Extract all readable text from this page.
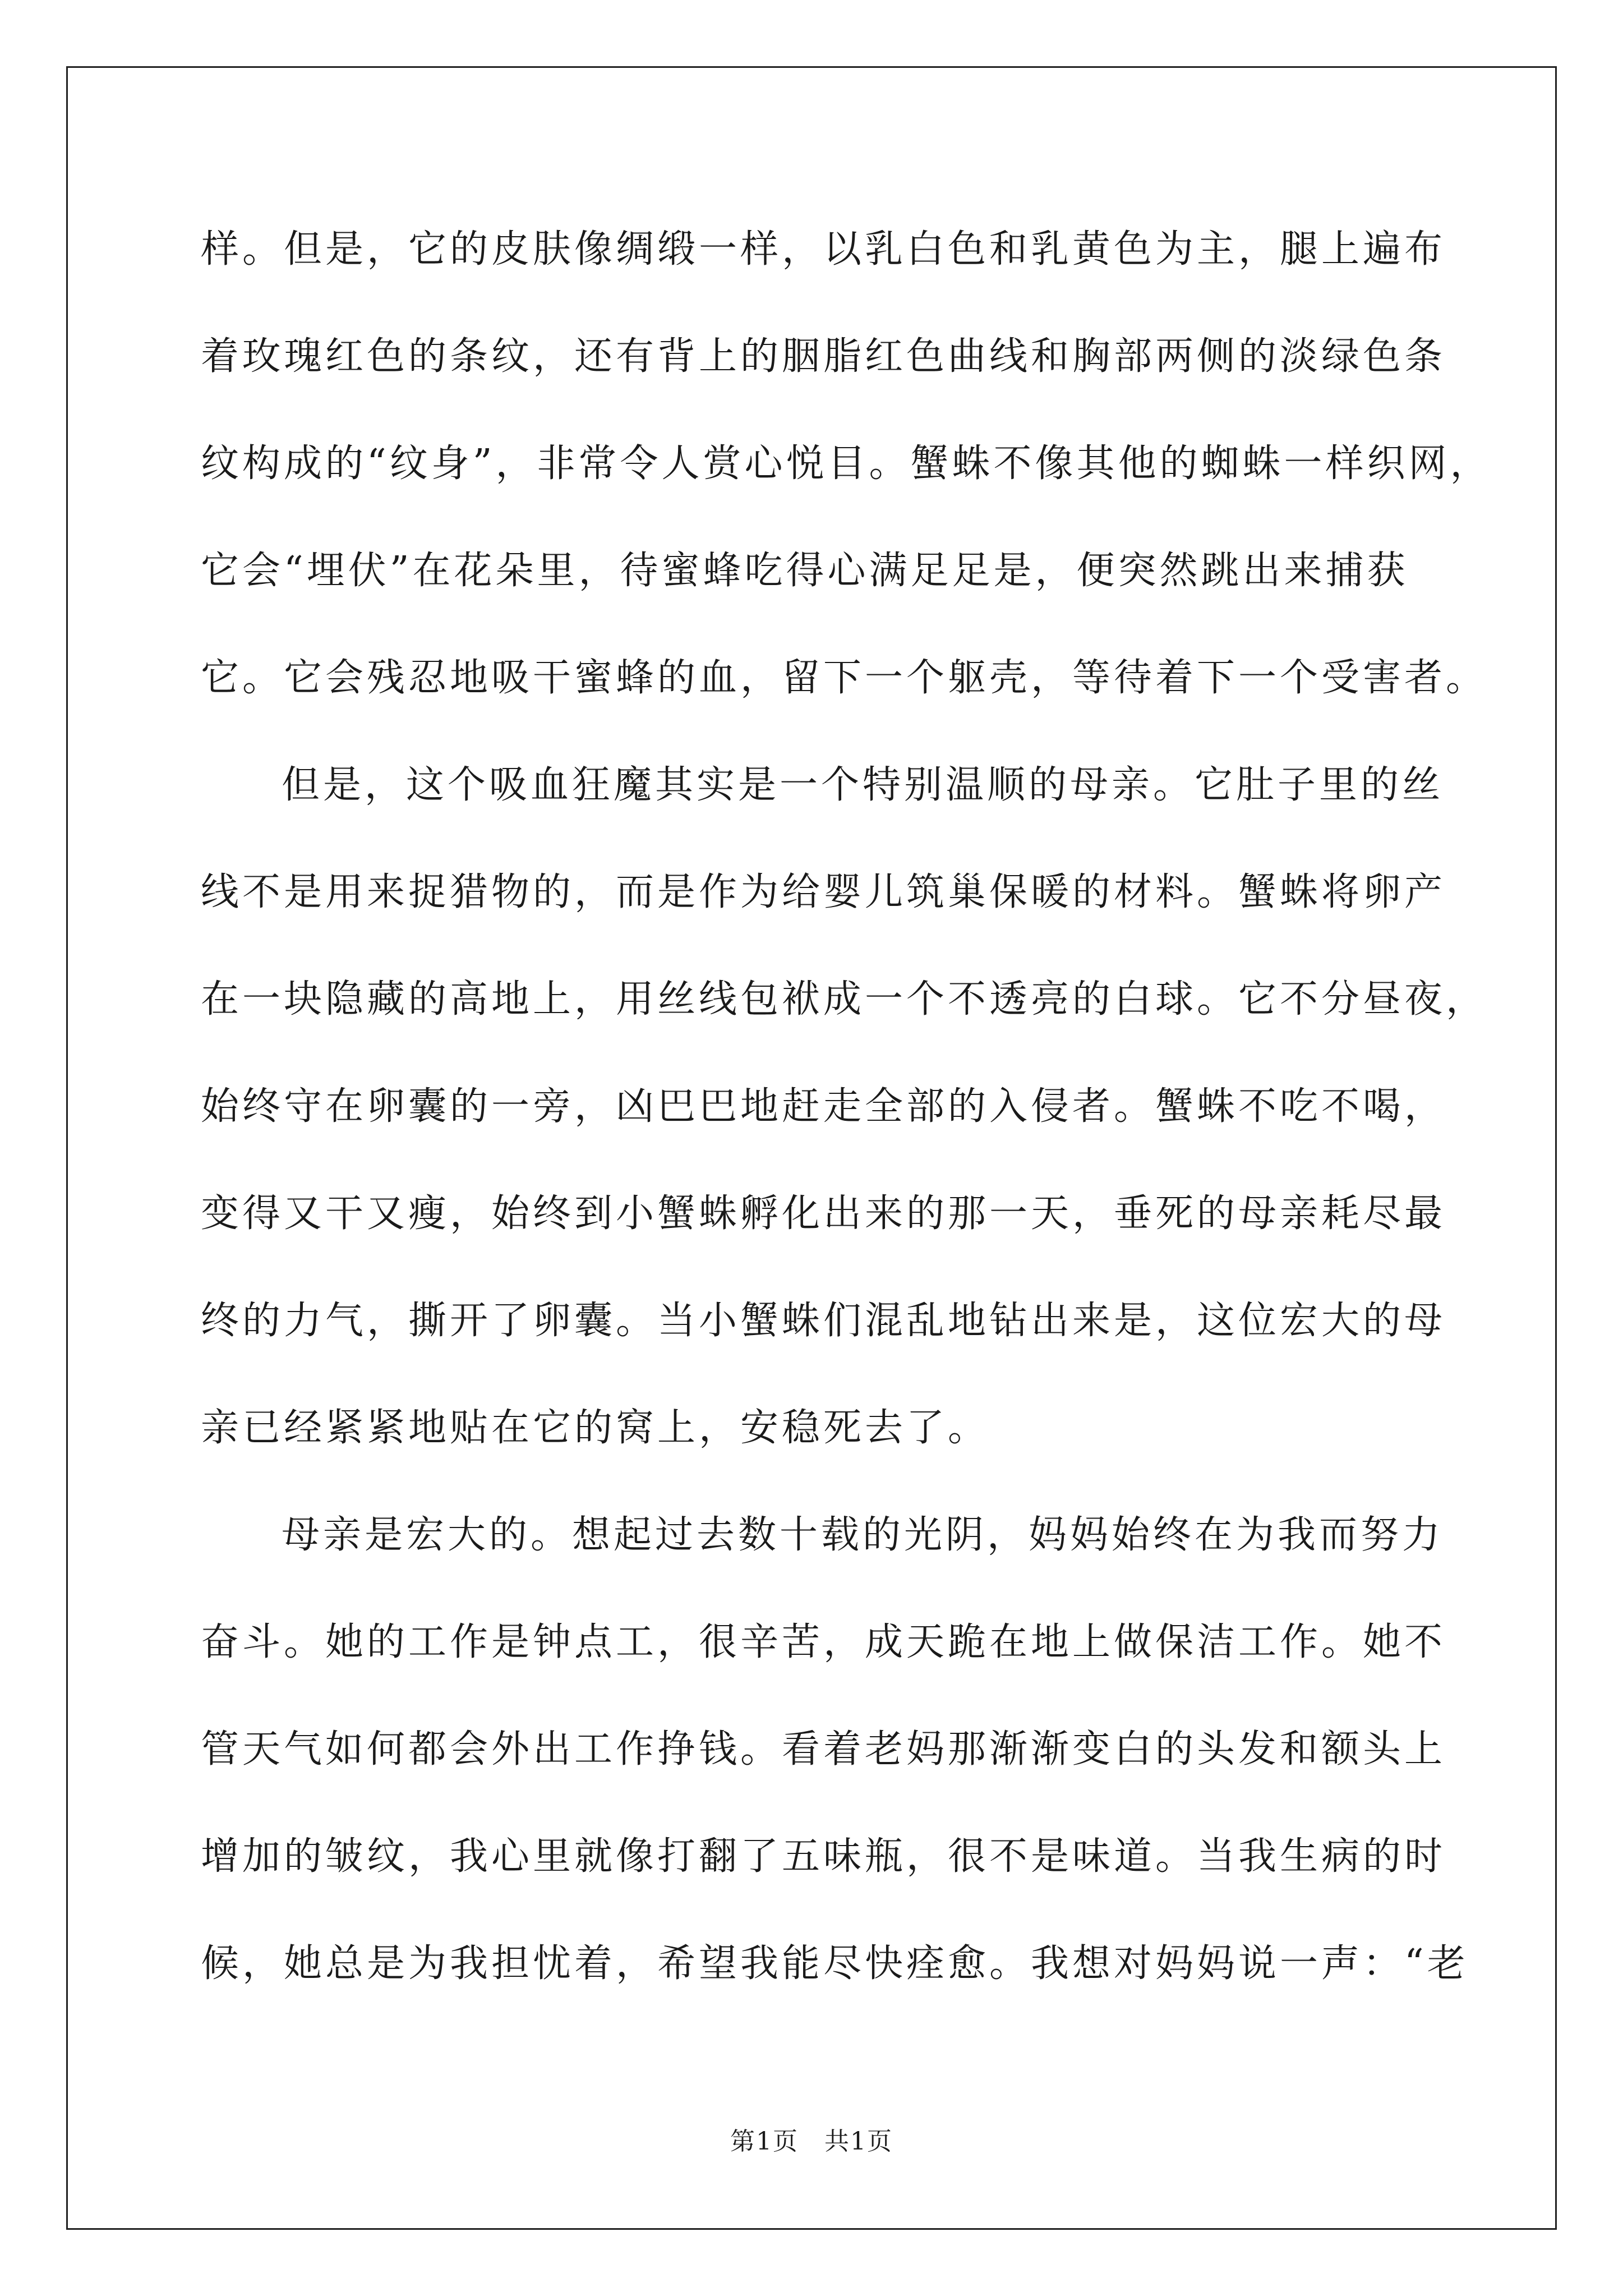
样。但是，它的皮肤像绸缎一样，以乳白色和乳黄色为主，腿上遍布
着玫瑰红色的条纹，还有背上的胭脂红色曲线和胸部两侧的淡绿色条
纹构成的“纹身”，非常令人赏心悦目。蟹蛛不像其他的蜘蛛一样织网，
它会“埋伏”在花朵里，待蜜蜂吃得心满足足是，便突然跳出来捕获
它。它会残忍地吸干蜜蜂的血，留下一个躯壳，等待着下一个受害者。
但是，这个吸血狂魔其实是一个特别温顺的母亲。它肚子里的丝
线不是用来捉猎物的，而是作为给婴儿筑巢保暖的材料。蟹蛛将卵产
在一块隐藏的高地上，用丝线包袱成一个不透亮的白球。它不分昼夜，
始终守在卵囊的一旁，凶巴巴地赶走全部的入侵者。蟹蛛不吃不喝，
变得又干又瘦，始终到小蟹蛛孵化出来的那一天，垂死的母亲耗尽最
终的力气，撕开了卵囊。当小蟹蛛们混乱地钻出来是，这位宏大的母
亲已经紧紧地贴在它的窝上，安稳死去了。
母亲是宏大的。想起过去数十载的光阴，妈妈始终在为我而努力
奋斗。她的工作是钟点工，很辛苦，成天跪在地上做保洁工作。她不
管天气如何都会外出工作挣钱。看着老妈那渐渐变白的头发和额头上
增加的皱纹，我心里就像打翻了五味瓶，很不是味道。当我生病的时
候，她总是为我担忧着，希望我能尽快痊愈。我想对妈妈说一声：“老
第1页　共1页
